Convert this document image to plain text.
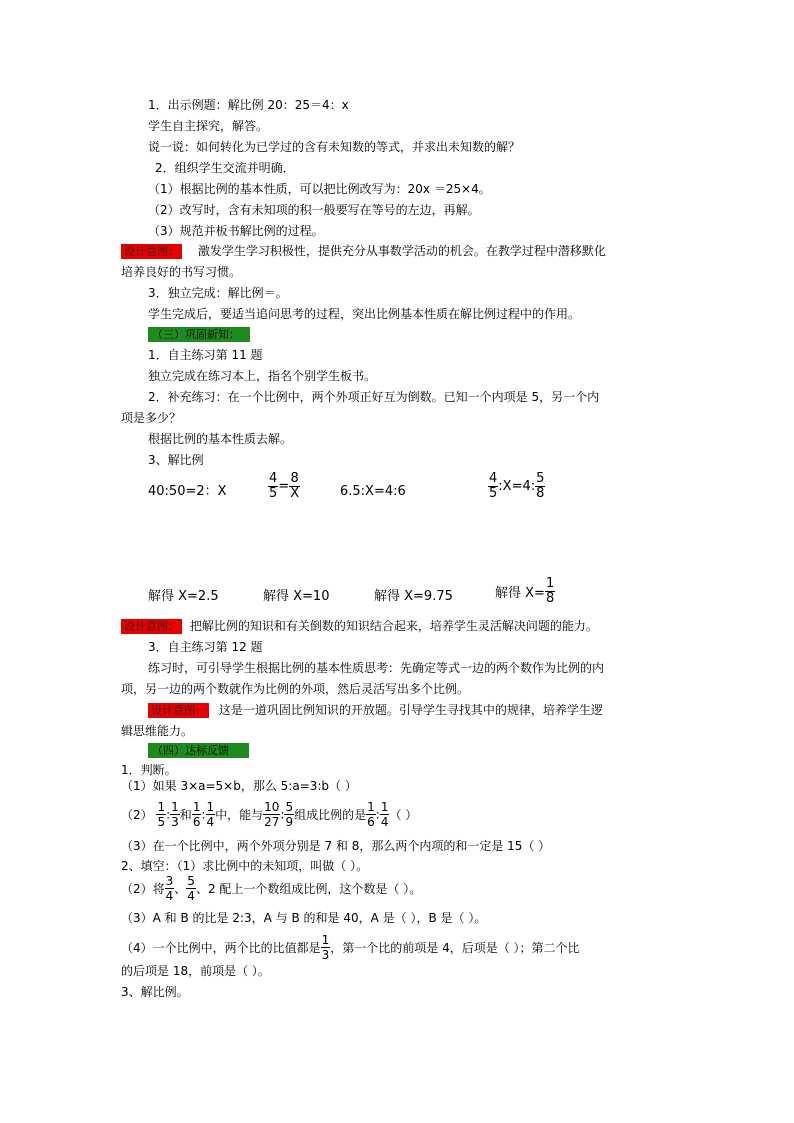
1．出示例题：解比例 20：25＝4：x
学生自主探究，解答。
说一说：如何转化为已学过的含有未知数的等式，并求出未知数的解？
2．组织学生交流并明确．
（1）根据比例的基本性质，可以把比例改写为：20x ＝25×4。
（2）改写时，含有未知项的积一般要写在等号的左边，再解。
（3）规范并板书解比例的过程。
设计意图： 激发学生学习积极性，提供充分从事数学活动的机会。在教学过程中潜移默化
培养良好的书写习惯。
3．独立完成：解比例＝。
学生完成后，要适当追问思考的过程，突出比例基本性质在解比例过程中的作用。
（三）巩固新知：
1．自主练习第 11 题
独立完成在练习本上，指名个别学生板书。
2．补充练习：在一个比例中，两个外项正好互为倒数。已知一个内项是 5，另一个内
项是多少？
根据比例的基本性质去解。
3、解比例
40:50=2：X	$\frac{4}{5} = \frac{8}{X}$	6.5:X=4:6	$\frac{4}{5}$ :X=4: $\frac{5}{8}$
解得 X=2.5	解得 X=10	解得 X=9.75	解得 $X= \frac{1}{8}$
设计意图： 把解比例的知识和有关倒数的知识结合起来，培养学生灵活解决问题的能力。
3．自主练习第 12 题
练习时，可引导学生根据比例的基本性质思考：先确定等式一边的两个数作为比例的内
项，另一边的两个数就作为比例的外项，然后灵活写出多个比例。
设计意图： 这是一道巩固比例知识的开放题。引导学生寻找其中的规律，培养学生逻
辑思维能力。
（四）达标反馈
1．判断。
（1）如果 3×a=5×b，那么 5:a=3:b（ ）
$(2) \frac{1}{5}$ : $\frac{1}{3}$ 和 $\frac{1}{6}$ : $\frac{1}{4}$ 中，能与 $\frac{10}{27}$ : $\frac{5}{9}$ 组成比例的是 $\frac{1}{6}$ : $\frac{1}{4}$ （ ）
（3）在一个比例中，两个外项分别是 7 和 8，那么两个内项的和一定是 15（ ）
2、填空：（1）求比例中的未知项，叫做（ ）。
（2）将 $\frac{3}{4}$ 、 $\frac{5}{4}$ 、2 配上一个数组成比例，这个数是（ ）。
（3）A 和 B 的比是 2:3，A 与 B 的和是 40，A 是（ ），B 是（ ）。
（4）一个比例中，两个比的比值都是 $\frac{1}{3}$ ，第一个比的前项是 4，后项是（ ）；第二个比
的后项是 18，前项是（ ）。
3、解比例。
